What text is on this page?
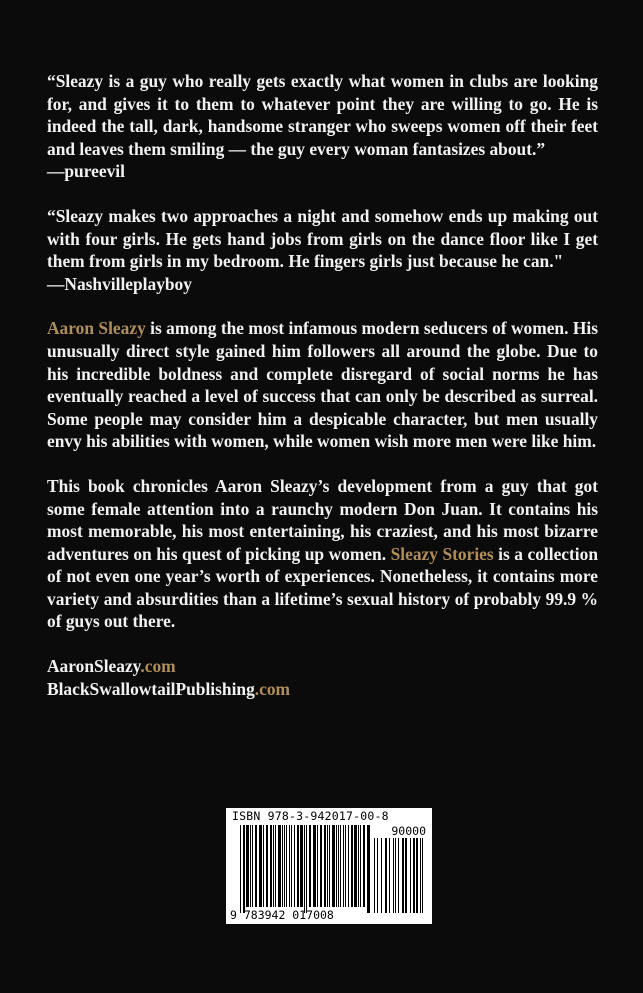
“Sleazy is a guy who really gets exactly what women in clubs are looking for, and gives it to them to whatever point they are willing to go. He is indeed the tall, dark, handsome stranger who sweeps women off their feet and leaves them smiling — the guy every woman fantasizes about.”

—pureevil

“Sleazy makes two approaches a night and somehow ends up making out with four girls. He gets hand jobs from girls on the dance floor like I get them from girls in my bedroom. He fingers girls just because he can."

—Nashvilleplayboy

Aaron Sleazy is among the most infamous modern seducers of women. His unusually direct style gained him followers all around the globe. Due to his incredible boldness and complete disregard of social norms he has eventually reached a level of success that can only be described as surreal. Some people may consider him a despicable character, but men usually envy his abilities with women, while women wish more men were like him.

This book chronicles Aaron Sleazy’s development from a guy that got some female attention into a raunchy modern Don Juan. It contains his most memorable, his most entertaining, his craziest, and his most bizarre adventures on his quest of picking up women. Sleazy Stories is a collection of not even one year’s worth of experiences. Nonetheless, it contains more variety and absurdities than a lifetime’s sexual history of probably 99.9 % of guys out there.

AaronSleazy.com

BlackSwallowtailPublishing.com

ISBN 978-3-942017-00-8
90000
9 783942 017008
